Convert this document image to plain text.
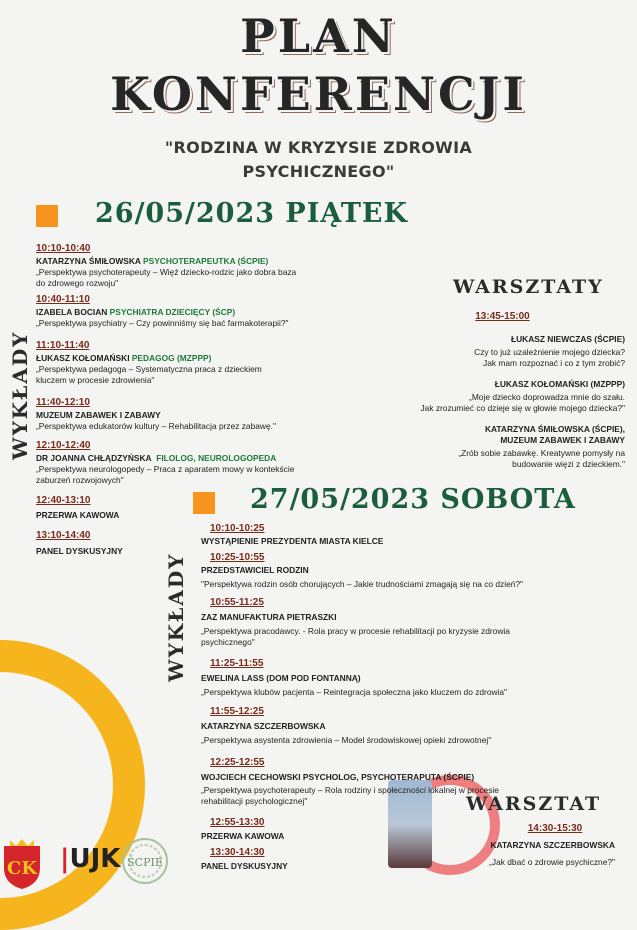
PLAN
KONFERENCJI
"RODZINA W KRYZYSIE ZDROWIA
PSYCHICZNEGO"
26/05/2023 PIĄTEK
WYKŁADY
10:10-10:40
KATARZYNA ŚMIŁOWSKA PSYCHOTERAPEUTKA (ŚCPIE)
„Perspektywa psychoterapeuty – Więź dziecko-rodzic jako dobra baza
do zdrowego rozwoju"
10:40-11:10
IZABELA BOCIAN PSYCHIATRA DZIECIĘCY (ŚCP)
„Perspektywa psychiatry – Czy powinniśmy się bać farmakoterapii?"
11:10-11:40
ŁUKASZ KOŁOMAŃSKI PEDAGOG (MZPPP)
„Perspektywa pedagoga – Systematyczna praca z dzieckiem
kluczem w procesie zdrowienia"
11:40-12:10
MUZEUM ZABAWEK I ZABAWY
„Perspektywa edukatorów kultury – Rehabilitacja przez zabawę."
12:10-12:40
DR JOANNA CHŁĄDZYŃSKA FILOLOG, NEUROLOGOPEDA
„Perspektywa neurologopedy – Praca z aparatem mowy w kontekście
zaburzeń rozwojowych"
12:40-13:10
PRZERWA KAWOWA
13:10-14:40
PANEL DYSKUSYJNY
WARSZTATY
13:45-15:00
ŁUKASZ NIEWCZAS (ŚCPIE)
Czy to już uzależnienie mojego dziecka?
Jak mam rozpoznać i co z tym zrobić?
ŁUKASZ KOŁOMAŃSKI (MZPPP)
„Moje dziecko doprowadza mnie do szału.
Jak zrozumieć co dzieje się w głowie mojego dziecka?"
KATARZYNA ŚMIŁOWSKA (ŚCPIE),
MUZEUM ZABAWEK I ZABAWY
„Zrób sobie zabawkę. Kreatywne pomysły na
budowanie więzi z dzieckiem."
27/05/2023 SOBOTA
WYKŁADY
10:10-10:25
WYSTĄPIENIE PREZYDENTA MIASTA KIELCE
10:25-10:55
PRZEDSTAWICIEL RODZIN
"Perspektywa rodzin osób chorujących – Jakie trudnościami zmagają się na co dzień?"
10:55-11:25
ZAZ MANUFAKTURA PIETRASZKI
„Perspektywa pracodawcy. - Rola pracy w procesie rehabilitacji po kryzysie zdrowia
psychicznego"
11:25-11:55
EWELINA LASS (DOM POD FONTANNĄ)
„Perspektywa klubów pacjenta – Reintegracja społeczna jako kluczem do zdrowia"
11:55-12:25
KATARZYNA SZCZERBOWSKA
„Perspektywa asystenta zdrowienia – Model środowiskowej opieki zdrowotnej"
12:25-12:55
WOJCIECH CECHOWSKI PSYCHOLOG, PSYCHOTERAPUTA (ŚCPIE)
„Perspektywa psychoterapeuty – Rola rodziny i społeczności lokalnej w procesie
rehabilitacji psychologicznej"
12:55-13:30
PRZERWA KAWOWA
13:30-14:30
PANEL DYSKUSYJNY
WARSZTAT
14:30-15:30
KATARZYNA SZCZERBOWSKA
„Jak dbać o zdrowie psychiczne?"
CK |UJK ŚCPIE
